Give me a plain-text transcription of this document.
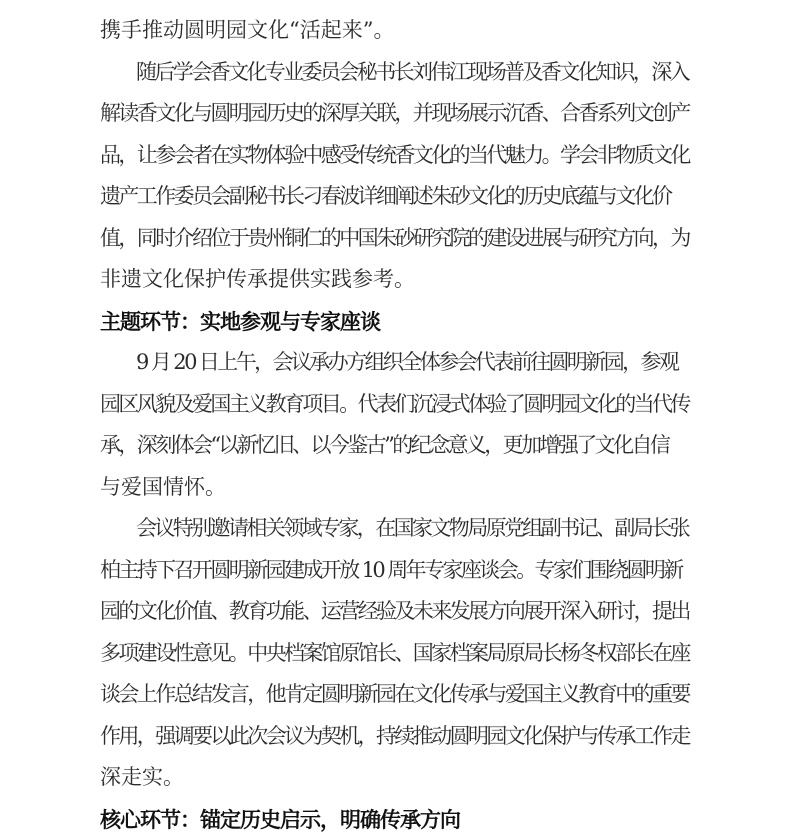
携手推动圆明园文化“活起来”。
随后学会香文化专业委员会秘书长刘伟江现场普及香文化知识，深入
解读香文化与圆明园历史的深厚关联，并现场展示沉香、合香系列文创产
品，让参会者在实物体验中感受传统香文化的当代魅力。学会非物质文化
遗产工作委员会副秘书长刁春波详细阐述朱砂文化的历史底蕴与文化价
值，同时介绍位于贵州铜仁的中国朱砂研究院的建设进展与研究方向，为
非遗文化保护传承提供实践参考。
主题环节：实地参观与专家座谈
9 月 20 日上午，会议承办方组织全体参会代表前往圆明新园，参观
园区风貌及爱国主义教育项目。代表们沉浸式体验了圆明园文化的当代传
承，深刻体会“以新忆旧、以今鉴古”的纪念意义，更加增强了文化自信
与爱国情怀。
会议特别邀请相关领域专家，在国家文物局原党组副书记、副局长张
柏主持下召开圆明新园建成开放 10 周年专家座谈会。专家们围绕圆明新
园的文化价值、教育功能、运营经验及未来发展方向展开深入研讨，提出
多项建设性意见。中央档案馆原馆长、国家档案局原局长杨冬权部长在座
谈会上作总结发言，他肯定圆明新园在文化传承与爱国主义教育中的重要
作用，强调要以此次会议为契机，持续推动圆明园文化保护与传承工作走
深走实。
核心环节：锚定历史启示，明确传承方向
